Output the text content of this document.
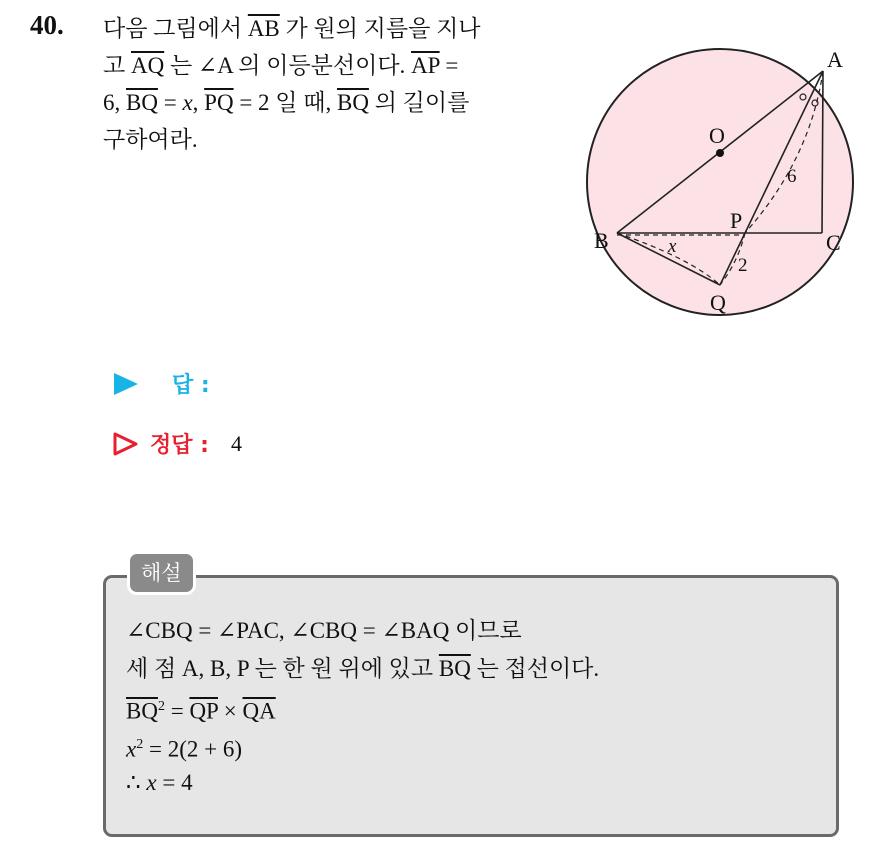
40. 다음 그림에서 $\overline{AB}$ 가 원의 지름을 지나
고 $\overline{AQ}$ 는 ∠A 의 이등분선이다. $\overline{AP}$ =
6, $\overline{BQ} = x$, $\overline{PQ} = 2$ 일 때, $\overline{BQ}$ 의 길이를
구하여라.
A
B	C
O
P
Q
6
2
x
답 :
정답 : 4
해설
∠CBQ = ∠PAC, ∠CBQ = ∠BAQ 이므로
세 점 A, B, P 는 한 원 위에 있고 $\overline{BQ}$ 는 접선이다.
$\overline{BQ}^2 = \overline{QP} \times \overline{QA}$
$x^2 = 2(2 + 6)$
∴ x = 4
